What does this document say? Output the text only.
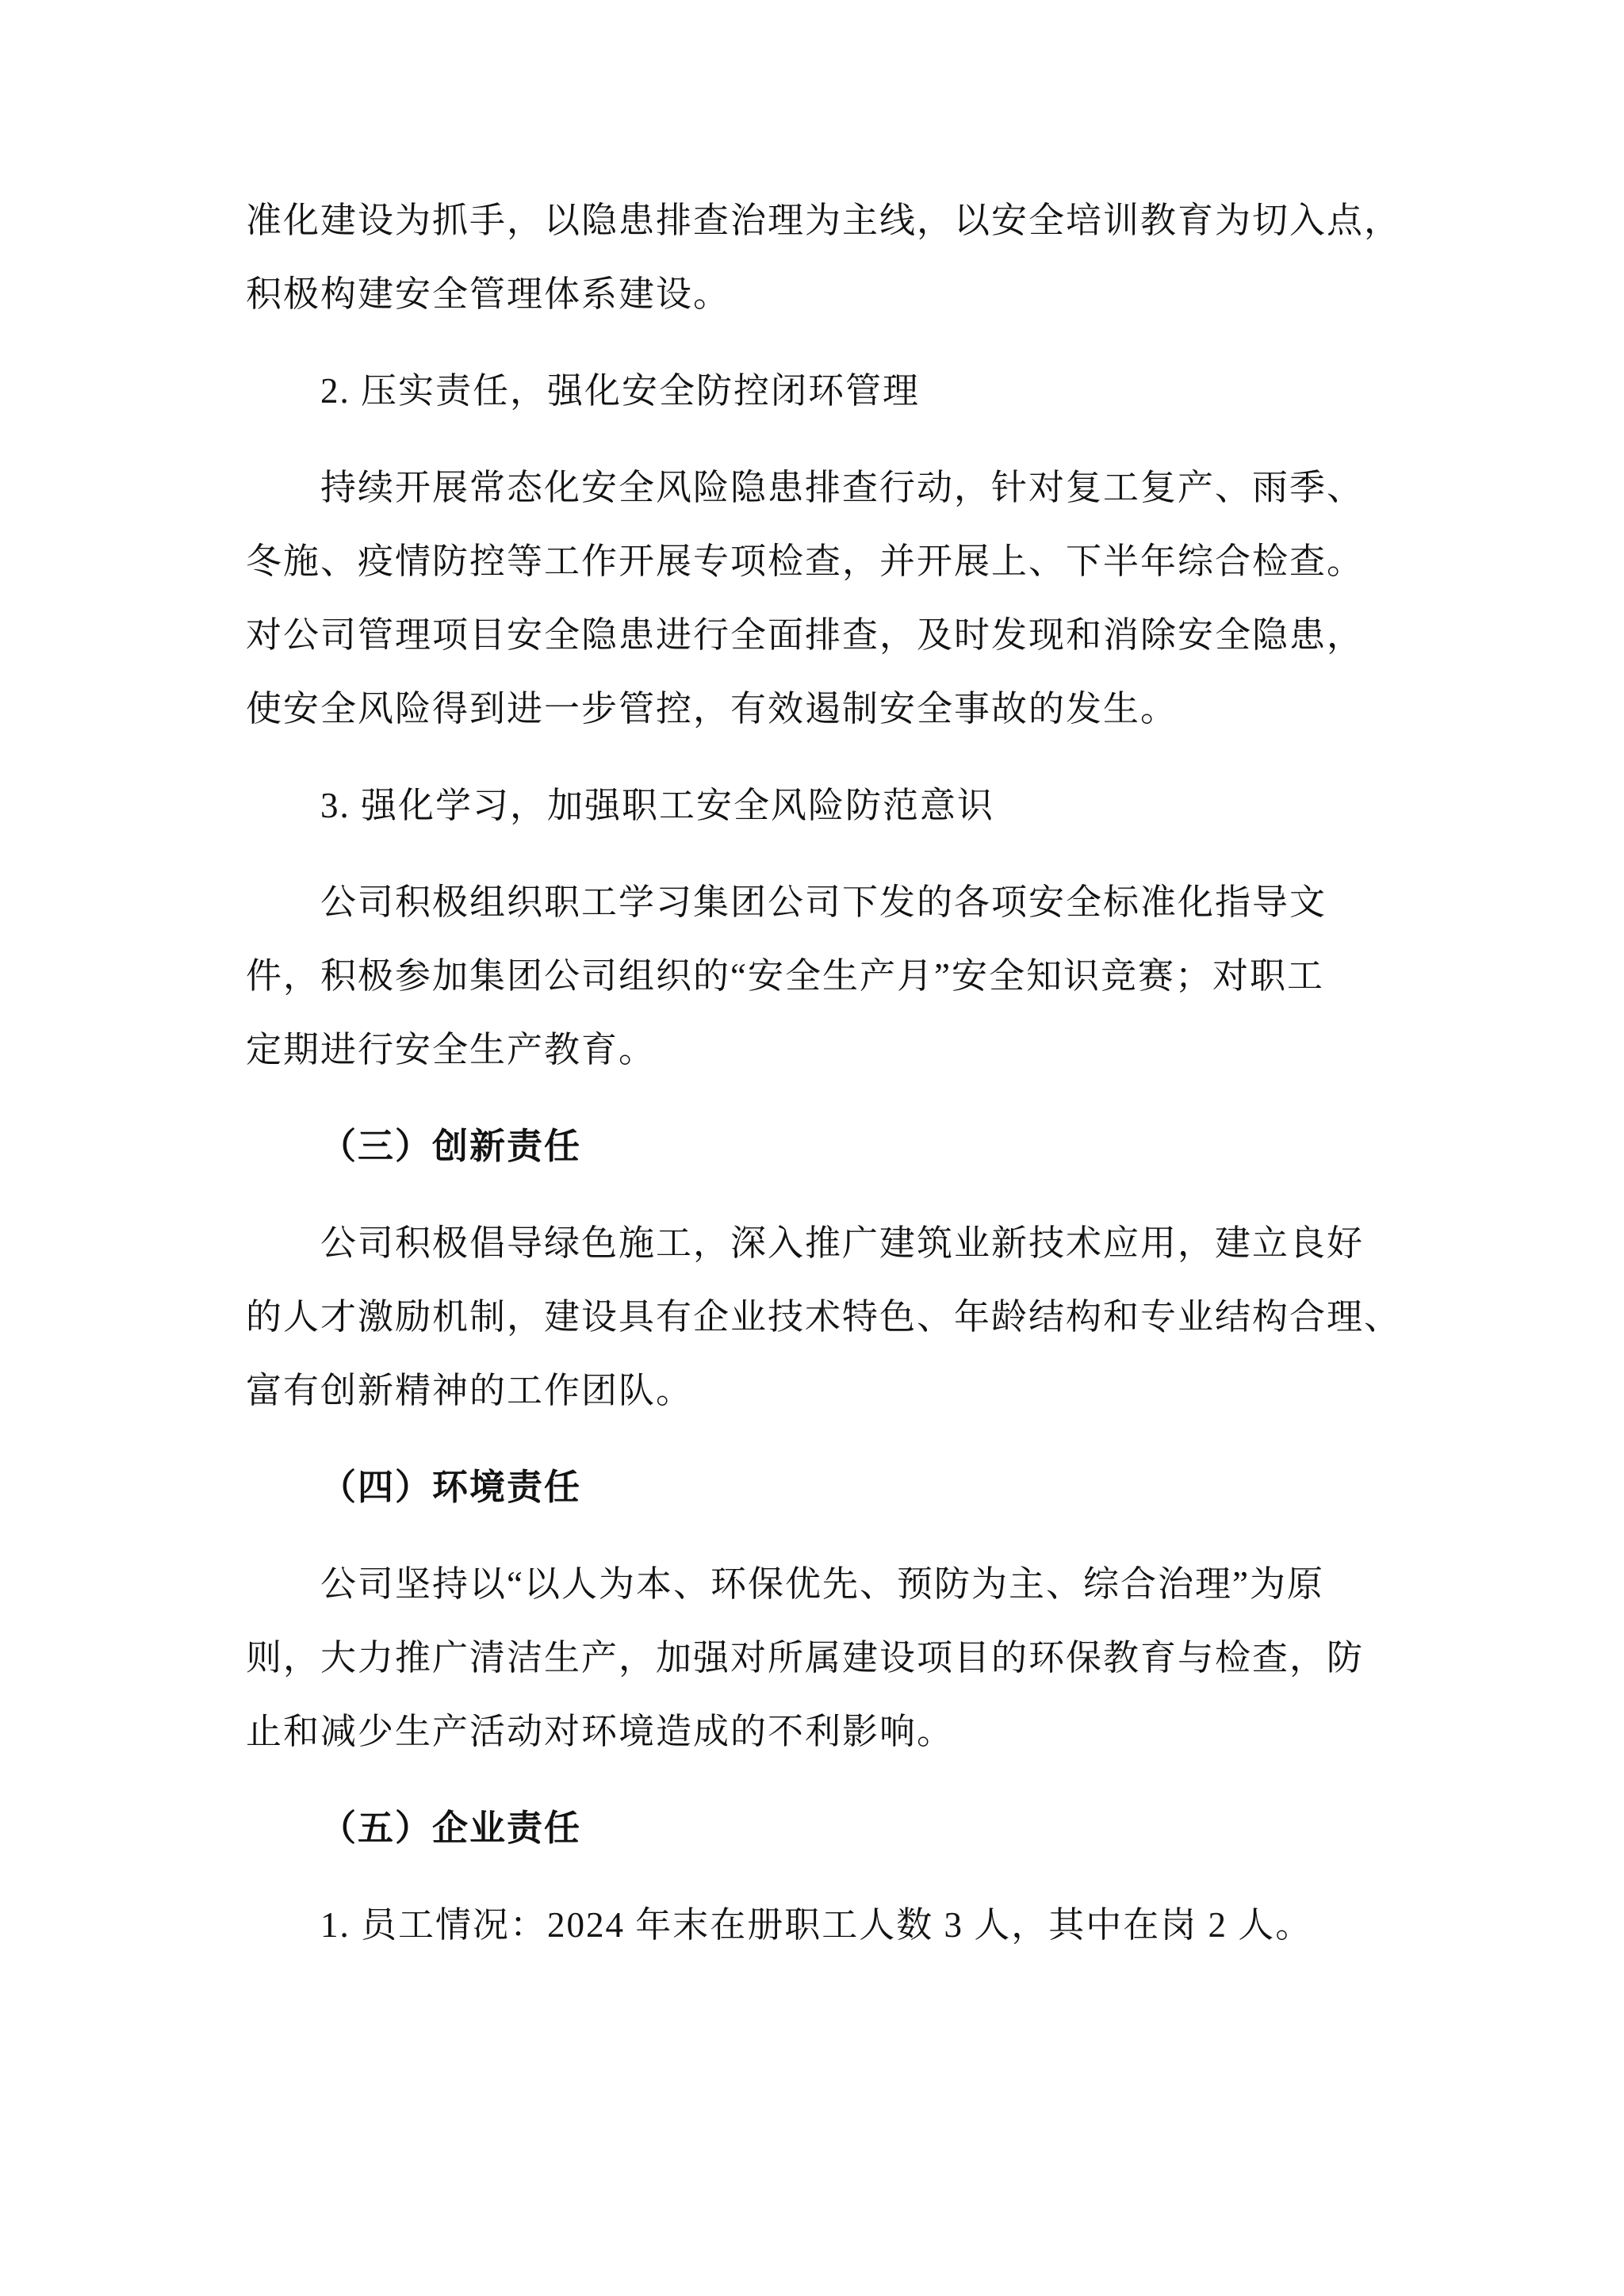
准化建设为抓手，以隐患排查治理为主线，以安全培训教育为切入点，
积极构建安全管理体系建设。
2. 压实责任，强化安全防控闭环管理
持续开展常态化安全风险隐患排查行动，针对复工复产、雨季、
冬施、疫情防控等工作开展专项检查，并开展上、下半年综合检查。
对公司管理项目安全隐患进行全面排查，及时发现和消除安全隐患，
使安全风险得到进一步管控，有效遏制安全事故的发生。
3. 强化学习，加强职工安全风险防范意识
公司积极组织职工学习集团公司下发的各项安全标准化指导文
件，积极参加集团公司组织的“安全生产月”安全知识竞赛；对职工
定期进行安全生产教育。
（三）创新责任
公司积极倡导绿色施工，深入推广建筑业新技术应用，建立良好
的人才激励机制，建设具有企业技术特色、年龄结构和专业结构合理、
富有创新精神的工作团队。
（四）环境责任
公司坚持以“以人为本、环保优先、预防为主、综合治理”为原
则，大力推广清洁生产，加强对所属建设项目的环保教育与检查，防
止和减少生产活动对环境造成的不利影响。
（五）企业责任
1. 员工情况：2024 年末在册职工人数 3 人，其中在岗 2 人。
